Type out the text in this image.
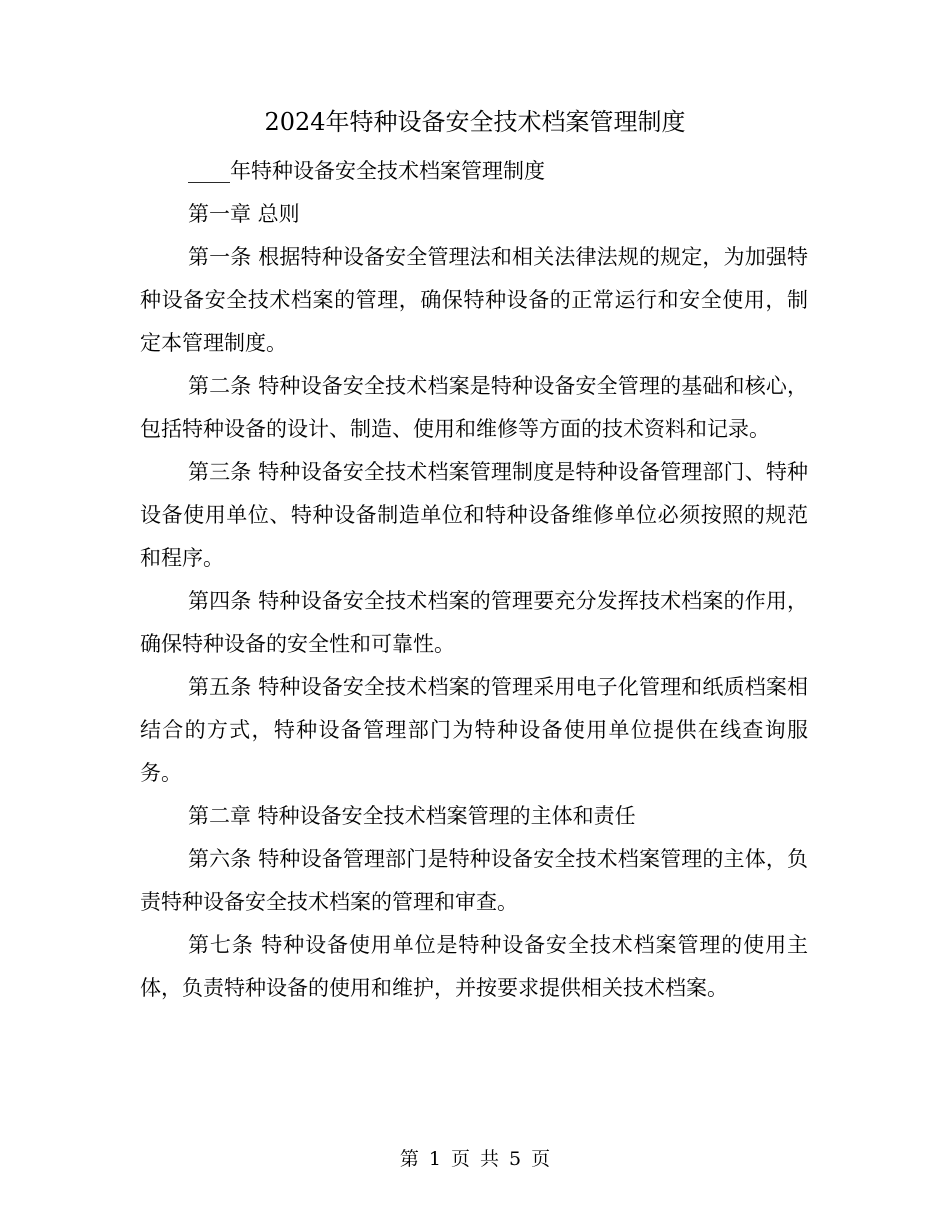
2024年特种设备安全技术档案管理制度

____年特种设备安全技术档案管理制度

第一章 总则

第一条 根据特种设备安全管理法和相关法律法规的规定，为加强特种设备安全技术档案的管理，确保特种设备的正常运行和安全使用，制定本管理制度。

第二条 特种设备安全技术档案是特种设备安全管理的基础和核心，包括特种设备的设计、制造、使用和维修等方面的技术资料和记录。

第三条 特种设备安全技术档案管理制度是特种设备管理部门、特种设备使用单位、特种设备制造单位和特种设备维修单位必须按照的规范和程序。

第四条 特种设备安全技术档案的管理要充分发挥技术档案的作用，确保特种设备的安全性和可靠性。

第五条 特种设备安全技术档案的管理采用电子化管理和纸质档案相结合的方式，特种设备管理部门为特种设备使用单位提供在线查询服务。

第二章 特种设备安全技术档案管理的主体和责任

第六条 特种设备管理部门是特种设备安全技术档案管理的主体，负责特种设备安全技术档案的管理和审查。

第七条 特种设备使用单位是特种设备安全技术档案管理的使用主体，负责特种设备的使用和维护，并按要求提供相关技术档案。

第 1 页 共 5 页
